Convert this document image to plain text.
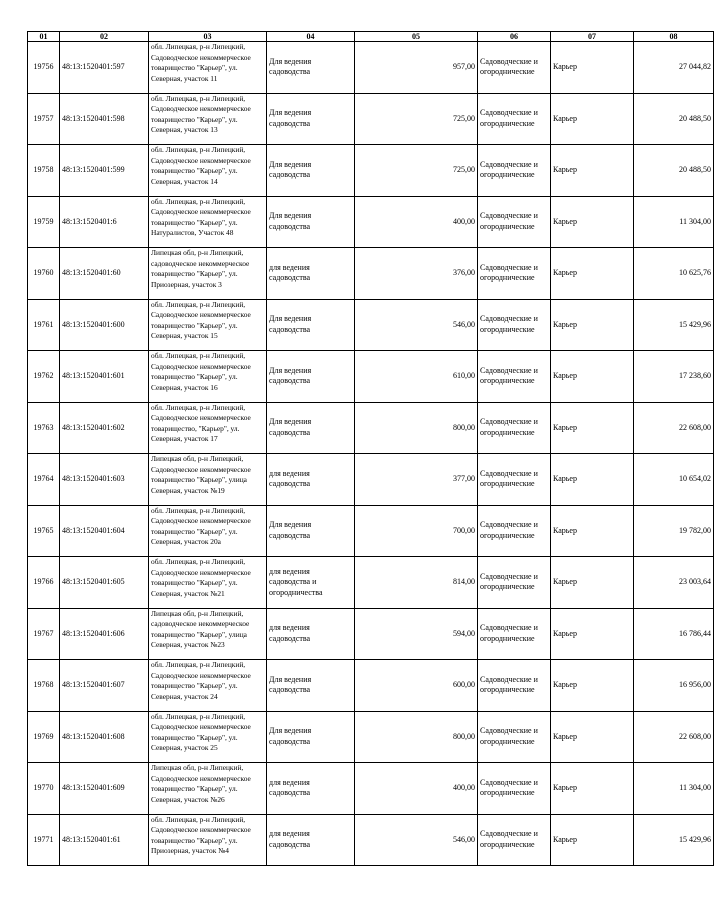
01	02	03	04	05	06	07	08
19756	48:13:1520401:597	обл. Липецкая, р-н Липецкий, Садоводческое некоммерческое товарищество "Карьер", ул. Северная, участок 11	Для ведения садоводства	957,00	Садоводческие и огороднические	Карьер	27 044,82
19757	48:13:1520401:598	обл. Липецкая, р-н Липецкий, Садоводческое некоммерческое товарищество "Карьер", ул. Северная, участок 13	Для ведения садоводства	725,00	Садоводческие и огороднические	Карьер	20 488,50
19758	48:13:1520401:599	обл. Липецкая, р-н Липецкий, Садоводческое некоммерческое товарищество "Карьер", ул. Северная, участок 14	Для ведения садоводства	725,00	Садоводческие и огороднические	Карьер	20 488,50
19759	48:13:1520401:6	обл. Липецкая, р-н Липецкий, Садоводческое некоммерческое товарищество "Карьер", ул. Натуралистов, Участок 48	Для ведения садоводства	400,00	Садоводческие и огороднические	Карьер	11 304,00
19760	48:13:1520401:60	Липецкая обл, р-н Липецкий, садоводческое некоммерческое товарищество "Карьер", ул. Приозерная, участок 3	для ведения садоводства	376,00	Садоводческие и огороднические	Карьер	10 625,76
19761	48:13:1520401:600	обл. Липецкая, р-н Липецкий, Садоводческое некоммерческое товарищество "Карьер", ул. Северная, участок 15	Для ведения садоводства	546,00	Садоводческие и огороднические	Карьер	15 429,96
19762	48:13:1520401:601	обл. Липецкая, р-н Липецкий, Садоводческое некоммерческое товарищество "Карьер", ул. Северная, участок 16	Для ведения садоводства	610,00	Садоводческие и огороднические	Карьер	17 238,60
19763	48:13:1520401:602	обл. Липецкая, р-н Липецкий, Садоводческое некоммерческое товарищество, "Карьер", ул. Северная, участок 17	Для ведения садоводства	800,00	Садоводческие и огороднические	Карьер	22 608,00
19764	48:13:1520401:603	Липецкая обл, р-н Липецкий, Садоводческое некоммерческое товарищество "Карьер", улица Северная, участок №19	для ведения садоводства	377,00	Садоводческие и огороднические	Карьер	10 654,02
19765	48:13:1520401:604	обл. Липецкая, р-н Липецкий, Садоводческое некоммерческое товарищество "Карьер", ул. Северная, участок 20а	Для ведения садоводства	700,00	Садоводческие и огороднические	Карьер	19 782,00
19766	48:13:1520401:605	обл. Липецкая, р-н Липецкий, Садоводческое некоммерческое товарищество "Карьер", ул. Северная, участок №21	для ведения садоводства и огородничества	814,00	Садоводческие и огороднические	Карьер	23 003,64
19767	48:13:1520401:606	Липецкая обл, р-н Липецкий, садоводческое некоммерческое товарищество "Карьер", улица Северная, участок №23	для ведения садоводства	594,00	Садоводческие и огороднические	Карьер	16 786,44
19768	48:13:1520401:607	обл. Липецкая, р-н Липецкий, Садоводческое некоммерческое товарищество "Карьер", ул. Северная, участок 24	Для ведения садоводства	600,00	Садоводческие и огороднические	Карьер	16 956,00
19769	48:13:1520401:608	обл. Липецкая, р-н Липецкий, Садоводческое некоммерческое товарищество "Карьер", ул. Северная, участок 25	Для ведения садоводства	800,00	Садоводческие и огороднические	Карьер	22 608,00
19770	48:13:1520401:609	Липецкая обл, р-н Липецкий, Садоводческое некоммерческое товарищество "Карьер", ул. Северная, участок №26	для ведения садоводства	400,00	Садоводческие и огороднические	Карьер	11 304,00
19771	48:13:1520401:61	обл. Липецкая, р-н Липецкий, Садоводческое некоммерческое товарищество "Карьер", ул. Приозерная, участок №4	для ведения садоводства	546,00	Садоводческие и огороднические	Карьер	15 429,96
